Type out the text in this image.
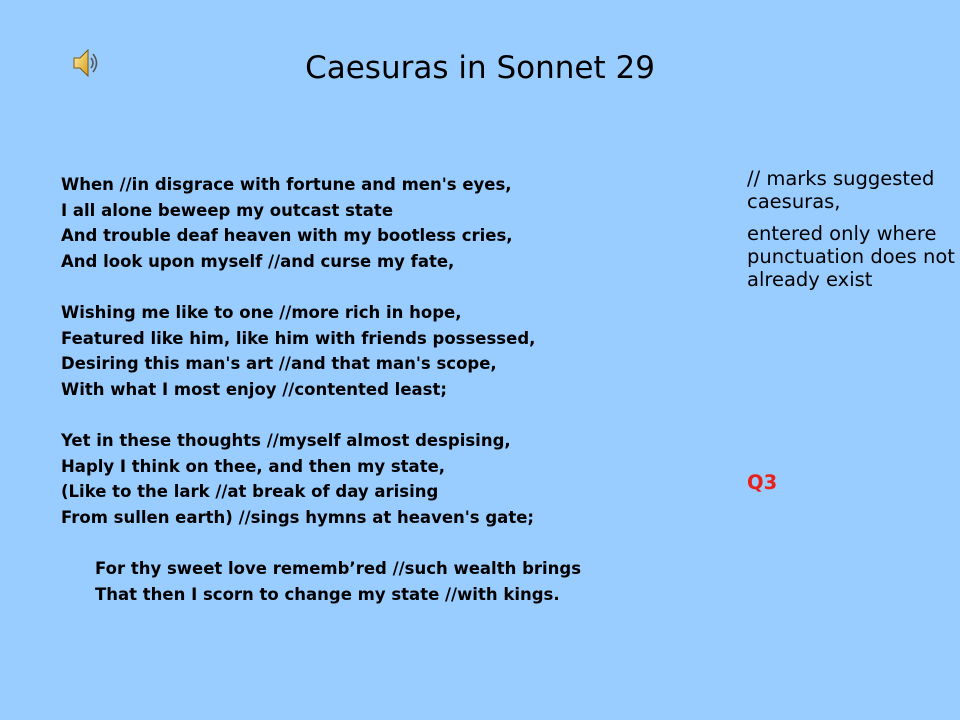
Caesuras in Sonnet 29
When //in disgrace with fortune and men's eyes,
I all alone beweep my outcast state
And trouble deaf heaven with my bootless cries,
And look upon myself //and curse my fate,
Wishing me like to one //more rich in hope,
Featured like him, like him with friends possessed,
Desiring this man's art //and that man's scope,
With what I most enjoy //contented least;
Yet in these thoughts //myself almost despising,
Haply I think on thee, and then my state,
(Like to the lark //at break of day arising
From sullen earth) //sings hymns at heaven's gate;
For thy sweet love rememb’red //such wealth brings
That then I scorn to change my state //with kings.

// marks suggested caesuras,

entered only where punctuation does not already exist

Q3
